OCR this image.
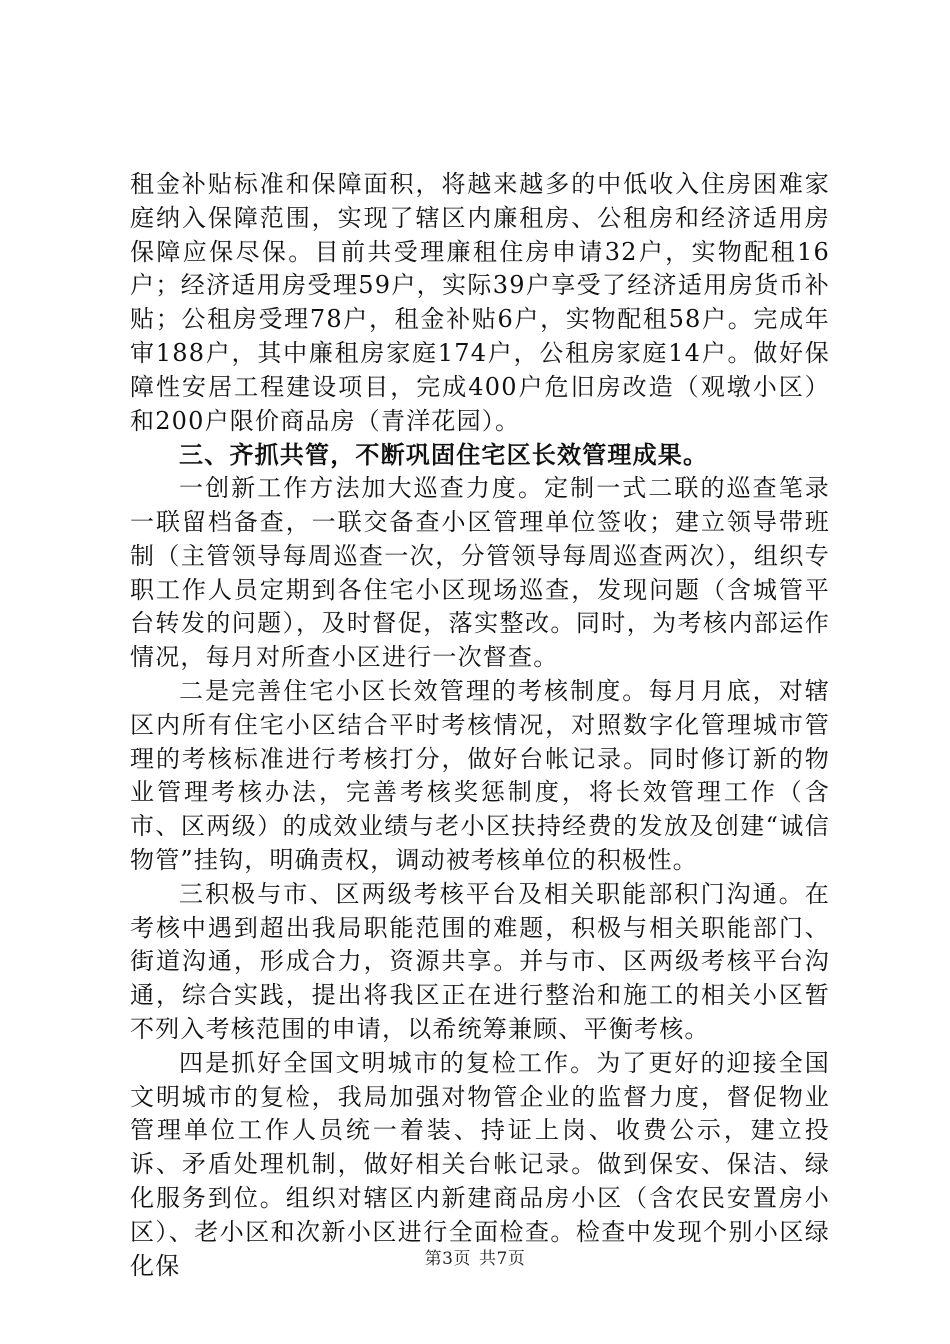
租金补贴标准和保障面积，将越来越多的中低收入住房困难家庭纳入保障范围，实现了辖区内廉租房、公租房和经济适用房保障应保尽保。目前共受理廉租住房申请32户，实物配租16户；经济适用房受理59户，实际39户享受了经济适用房货币补贴；公租房受理78户，租金补贴6户，实物配租58户。完成年审188户，其中廉租房家庭174户，公租房家庭14户。做好保障性安居工程建设项目，完成400户危旧房改造（观墩小区）和200户限价商品房（青洋花园）。

三、齐抓共管，不断巩固住宅区长效管理成果。

一创新工作方法加大巡查力度。定制一式二联的巡查笔录一联留档备查，一联交备查小区管理单位签收；建立领导带班制（主管领导每周巡查一次，分管领导每周巡查两次），组织专职工作人员定期到各住宅小区现场巡查，发现问题（含城管平台转发的问题），及时督促，落实整改。同时，为考核内部运作情况，每月对所查小区进行一次督查。

二是完善住宅小区长效管理的考核制度。每月月底，对辖区内所有住宅小区结合平时考核情况，对照数字化管理城市管理的考核标准进行考核打分，做好台帐记录。同时修订新的物业管理考核办法，完善考核奖惩制度，将长效管理工作（含市、区两级）的成效业绩与老小区扶持经费的发放及创建“诚信物管”挂钩，明确责权，调动被考核单位的积极性。

三积极与市、区两级考核平台及相关职能部积门沟通。在考核中遇到超出我局职能范围的难题，积极与相关职能部门、街道沟通，形成合力，资源共享。并与市、区两级考核平台沟通，综合实践，提出将我区正在进行整治和施工的相关小区暂不列入考核范围的申请，以希统筹兼顾、平衡考核。

四是抓好全国文明城市的复检工作。为了更好的迎接全国文明城市的复检，我局加强对物管企业的监督力度，督促物业管理单位工作人员统一着装、持证上岗、收费公示，建立投诉、矛盾处理机制，做好相关台帐记录。做到保安、保洁、绿化服务到位。组织对辖区内新建商品房小区（含农民安置房小区）、老小区和次新小区进行全面检查。检查中发现个别小区绿化保	第3页 共7页
